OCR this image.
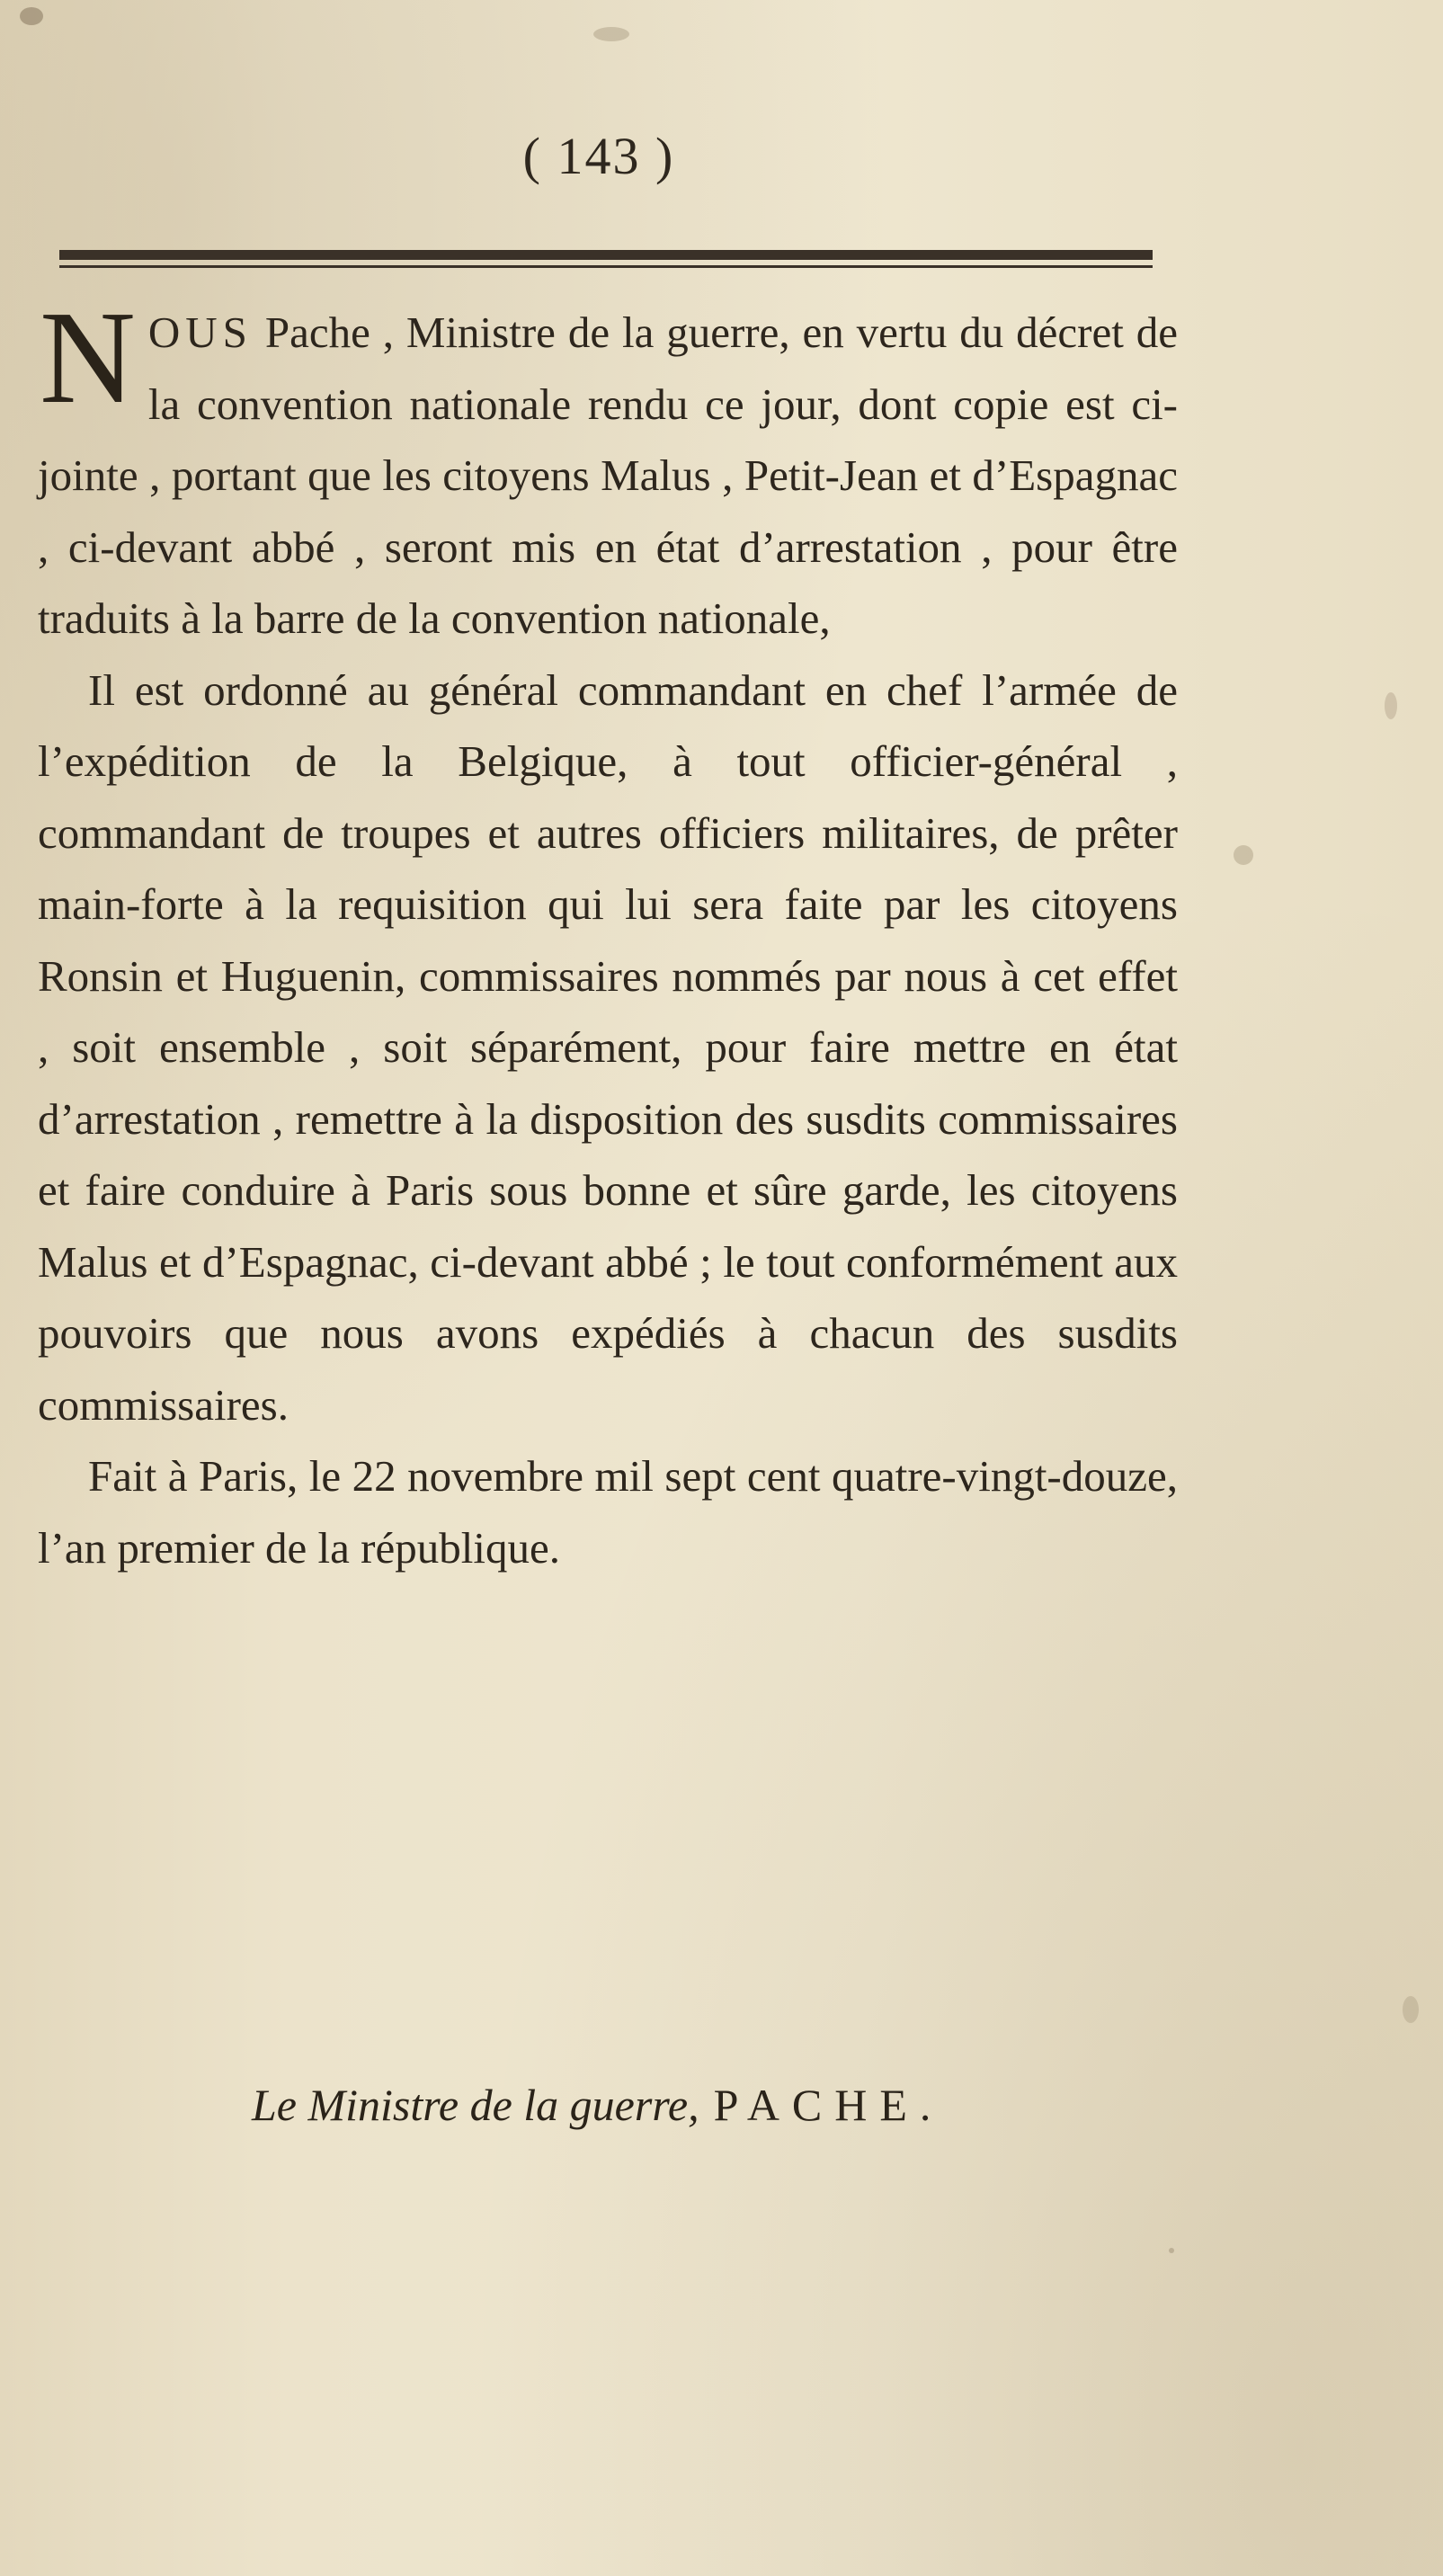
( 143 )

NOUS Pache , Ministre de la guerre, en vertu du décret de la convention nationale rendu ce jour, dont copie est ci-jointe , portant que les citoyens Malus , Petit-Jean et d’Espagnac , ci-devant abbé , seront mis en état d’arrestation , pour être traduits à la barre de la convention nationale,

Il est ordonné au général commandant en chef l’armée de l’expédition de la Belgique, à tout officier-général , commandant de troupes et autres officiers militaires, de prêter main-forte à la requisition qui lui sera faite par les citoyens Ronsin et Huguenin, commissaires nommés par nous à cet effet , soit ensemble , soit séparément, pour faire mettre en état d’arrestation , remettre à la disposition des susdits commissaires et faire conduire à Paris sous bonne et sûre garde, les citoyens Malus et d’Espagnac, ci-devant abbé ; le tout conformément aux pouvoirs que nous avons expédiés à chacun des susdits commissaires.

Fait à Paris, le 22 novembre mil sept cent quatre-vingt-douze, l’an premier de la république.

Le Ministre de la guerre, PACHE.
